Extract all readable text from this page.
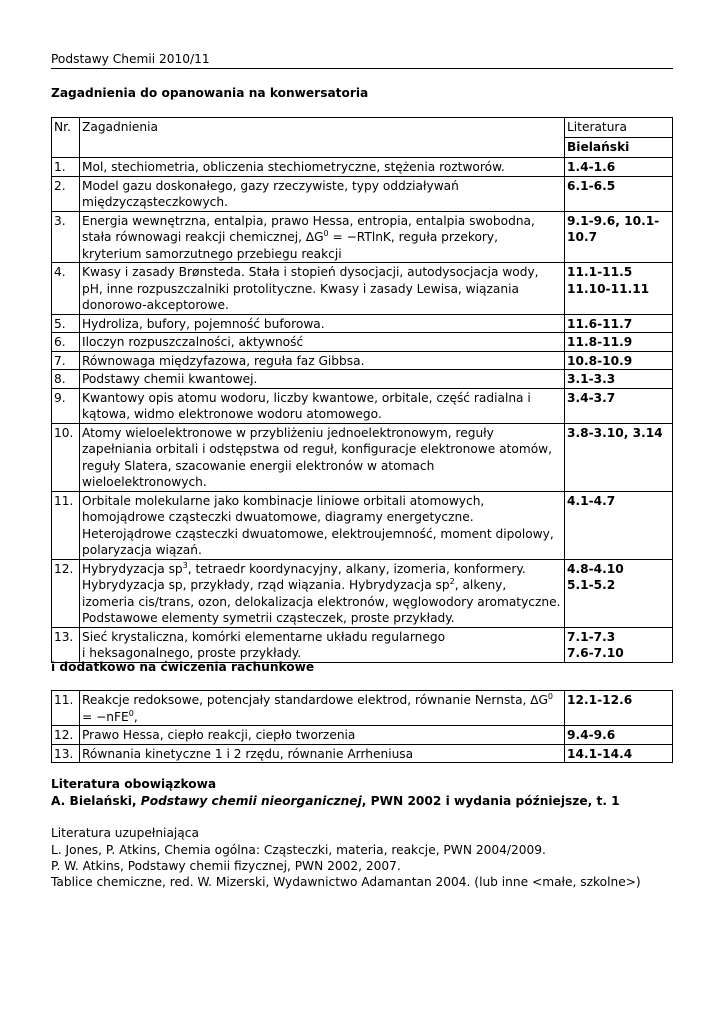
Podstawy Chemii 2010/11
Zagadnienia do opanowania na konwersatoria
Nr.	Zagadnienia	Literatura
		Bielański
1.	Mol, stechiometria, obliczenia stechiometryczne, stężenia roztworów.	1.4-1.6
2.	Model gazu doskonałego, gazy rzeczywiste, typy oddziaływań międzycząsteczkowych.	6.1-6.5
3.	Energia wewnętrzna, entalpia, prawo Hessa, entropia, entalpia swobodna, stała równowagi reakcji chemicznej, $\Delta G^0 = -RTlnK$, reguła przekory, kryterium samorzutnego przebiegu reakcji	9.1-9.6, 10.1-10.7
4.	Kwasy i zasady Brønsteda. Stała i stopień dysocjacji, autodysocjacja wody, pH, inne rozpuszczalniki protolityczne. Kwasy i zasady Lewisa, wiązania donorowo-akceptorowe.	11.1-11.5
11.10-11.11
5.	Hydroliza, bufory, pojemność buforowa.	11.6-11.7
6.	Iloczyn rozpuszczalności, aktywność	11.8-11.9
7.	Równowaga międzyfazowa, reguła faz Gibbsa.	10.8-10.9
8.	Podstawy chemii kwantowej.	3.1-3.3
9.	Kwantowy opis atomu wodoru, liczby kwantowe, orbitale, część radialna i kątowa, widmo elektronowe wodoru atomowego.	3.4-3.7
10.	Atomy wieloelektronowe w przybliżeniu jednoelektronowym, reguły zapełniania orbitali i odstępstwa od reguł, konfiguracje elektronowe atomów, reguły Slatera, szacowanie energii elektronów w atomach wieloelektronowych.	3.8-3.10, 3.14
11.	Orbitale molekularne jako kombinacje liniowe orbitali atomowych, homojądrowe cząsteczki dwuatomowe, diagramy energetyczne. Heterojądrowe cząsteczki dwuatomowe, elektroujemność, moment dipolowy, polaryzacja wiązań.	4.1-4.7
12.	Hybrydyzacja $sp^3$, tetraedr koordynacyjny, alkany, izomeria, konformery. Hybrydyzacja sp, przykłady, rząd wiązania. Hybrydyzacja $sp^2$, alkeny, izomeria cis/trans, ozon, delokalizacja elektronów, węglowodory aromatyczne. Podstawowe elementy symetrii cząsteczek, proste przykłady.	4.8-4.10
5.1-5.2
13.	Sieć krystaliczna, komórki elementarne układu regularnego
i heksagonalnego, proste przykłady.	7.1-7.3
7.6-7.10
i dodatkowo na ćwiczenia rachunkowe
11.	Reakcje redoksowe, potencjały standardowe elektrod, równanie Nernsta, $\Delta G^0$
= −nFE$^0$,	12.1-12.6
12.	Prawo Hessa, ciepło reakcji, ciepło tworzenia	9.4-9.6
13.	Równania kinetyczne 1 i 2 rzędu, równanie Arrheniusa	14.1-14.4
Literatura obowiązkowa
A. Bielański, Podstawy chemii nieorganicznej, PWN 2002 i wydania późniejsze, t. 1
Literatura uzupełniająca
L. Jones, P. Atkins, Chemia ogólna: Cząsteczki, materia, reakcje, PWN 2004/2009.
P. W. Atkins, Podstawy chemii fizycznej, PWN 2002, 2007.
Tablice chemiczne, red. W. Mizerski, Wydawnictwo Adamantan 2004. (lub inne <małe, szkolne>)
